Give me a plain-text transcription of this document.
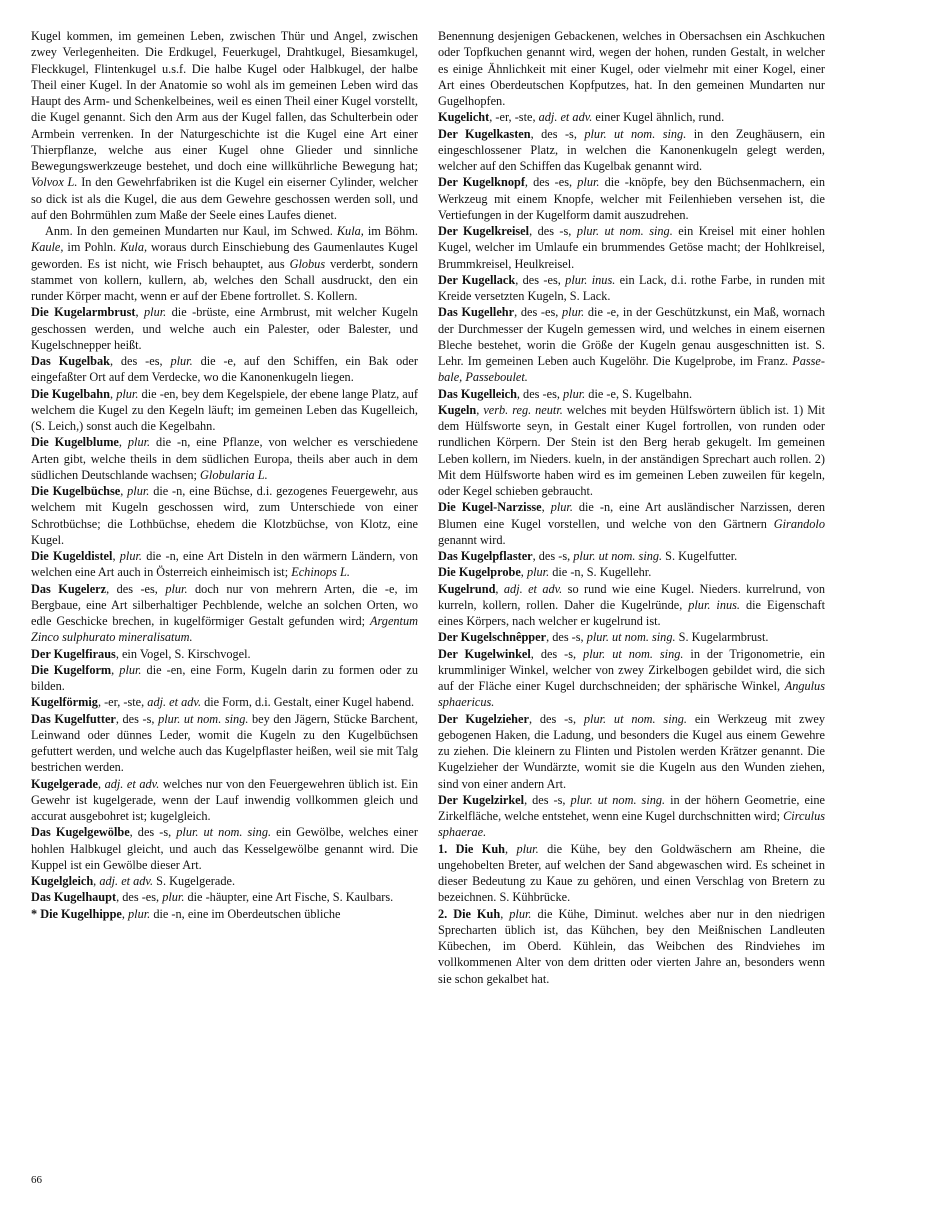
Kugel kommen, im gemeinen Leben, zwischen Thür und Angel, zwischen zwey Verlegenheiten. Die Erdkugel, Feuerkugel, Drahtkugel, Biesamkugel, Fleckkugel, Flintenkugel u.s.f. Die halbe Kugel oder Halbkugel, der halbe Theil einer Kugel. In der Anatomie so wohl als im gemeinen Leben wird das Haupt des Arm- und Schenkelbeines, weil es einen Theil einer Kugel vorstellt, die Kugel genannt. Sich den Arm aus der Kugel fallen, das Schulterbein oder Armbein verrenken. In der Naturgeschichte ist die Kugel eine Art einer Thierpflanze, welche aus einer Kugel ohne Glieder und sinnliche Bewegungswerkzeuge bestehet, und doch eine willkührliche Bewegung hat; Volvox L. In den Gewehrfabriken ist die Kugel ein eiserner Cylinder, welcher so dick ist als die Kugel, die aus dem Gewehre geschossen werden soll, und auf den Bohrmühlen zum Maße der Seele eines Laufes dienet.

Anm. In den gemeinen Mundarten nur Kaul, im Schwed. Kula, im Böhm. Kaule, im Pohln. Kula, woraus durch Einschiebung des Gaumenlautes Kugel geworden. Es ist nicht, wie Frisch behauptet, aus Globus verderbt, sondern stammet von kollern, kullern, ab, welches den Schall ausdruckt, den ein runder Körper macht, wenn er auf der Ebene fortrollet. S. Kollern.

Die Kugelarmbrust, plur. die -brüste, eine Armbrust, mit welcher Kugeln geschossen werden, und welche auch ein Palester, oder Balester, und Kugelschnepper heißt.

Das Kugelbak, des -es, plur. die -e, auf den Schiffen, ein Bak oder eingefaßter Ort auf dem Verdecke, wo die Kanonenkugeln liegen.

Die Kugelbahn, plur. die -en, bey dem Kegelspiele, der ebene lange Platz, auf welchem die Kugel zu den Kegeln läuft; im gemeinen Leben das Kugelleich, (S. Leich,) sonst auch die Kegelbahn.

Die Kugelblume, plur. die -n, eine Pflanze, von welcher es verschiedene Arten gibt, welche theils in dem südlichen Europa, theils aber auch in dem südlichen Deutschlande wachsen; Globularia L.

Die Kugelbüchse, plur. die -n, eine Büchse, d.i. gezogenes Feuergewehr, aus welchem mit Kugeln geschossen wird, zum Unterschiede von einer Schrotbüchse; die Lothbüchse, ehedem die Klotzbüchse, von Klotz, eine Kugel.

Die Kugeldistel, plur. die -n, eine Art Disteln in den wärmern Ländern, von welchen eine Art auch in Österreich einheimisch ist; Echinops L.

Das Kugelerz, des -es, plur. doch nur von mehrern Arten, die -e, im Bergbaue, eine Art silberhaltiger Pechblende, welche an solchen Orten, wo edle Geschicke brechen, in kugelförmiger Gestalt gefunden wird; Argentum Zinco sulphurato mineralisatum.

Der Kugelfiraus, ein Vogel, S. Kirschvogel.

Die Kugelform, plur. die -en, eine Form, Kugeln darin zu formen oder zu bilden.

Kugelförmig, -er, -ste, adj. et adv. die Form, d.i. Gestalt, einer Kugel habend.

Das Kugelfutter, des -s, plur. ut nom. sing. bey den Jägern, Stücke Barchent, Leinwand oder dünnes Leder, womit die Kugeln zu den Kugelbüchsen gefuttert werden, und welche auch das Kugelpflaster heißen, weil sie mit Talg bestrichen werden.

Kugelgerade, adj. et adv. welches nur von den Feuergewehren üblich ist. Ein Gewehr ist kugelgerade, wenn der Lauf inwendig vollkommen gleich und accurat ausgebohret ist; kugelgleich.

Das Kugelgewölbe, des -s, plur. ut nom. sing. ein Gewölbe, welches einer hohlen Halbkugel gleicht, und auch das Kesselgewölbe genannt wird. Die Kuppel ist ein Gewölbe dieser Art.

Kugelgleich, adj. et adv. S. Kugelgerade.

Das Kugelhaupt, des -es, plur. die -häupter, eine Art Fische, S. Kaulbars.

* Die Kugelhippe, plur. die -n, eine im Oberdeutschen übliche

Benennung desjenigen Gebackenen, welches in Obersachsen ein Aschkuchen oder Topfkuchen genannt wird, wegen der hohen, runden Gestalt, in welcher es einige Ähnlichkeit mit einer Kugel, oder vielmehr mit einer Kogel, einer Art eines Oberdeutschen Kopfputzes, hat. In den gemeinen Mundarten nur Gugelhopfen.

Kugelicht, -er, -ste, adj. et adv. einer Kugel ähnlich, rund.

Der Kugelkasten, des -s, plur. ut nom. sing. in den Zeughäusern, ein eingeschlossener Platz, in welchen die Kanonenkugeln gelegt werden, welcher auf den Schiffen das Kugelbak genannt wird.

Der Kugelknopf, des -es, plur. die -knöpfe, bey den Büchsenmachern, ein Werkzeug mit einem Knopfe, welcher mit Feilenhieben versehen ist, die Vertiefungen in der Kugelform damit auszudrehen.

Der Kugelkreisel, des -s, plur. ut nom. sing. ein Kreisel mit einer hohlen Kugel, welcher im Umlaufe ein brummendes Getöse macht; der Hohlkreisel, Brummkreisel, Heulkreisel.

Der Kugellack, des -es, plur. inus. ein Lack, d.i. rothe Farbe, in runden mit Kreide versetzten Kugeln, S. Lack.

Das Kugellehr, des -es, plur. die -e, in der Geschützkunst, ein Maß, wornach der Durchmesser der Kugeln gemessen wird, und welches in einem eisernen Bleche bestehet, worin die Größe der Kugeln genau ausgeschnitten ist. S. Lehr. Im gemeinen Leben auch Kugelöhr. Die Kugelprobe, im Franz. Passe-bale, Passeboulet.

Das Kugelleich, des -es, plur. die -e, S. Kugelbahn.

Kugeln, verb. reg. neutr. welches mit beyden Hülfswörtern üblich ist. 1) Mit dem Hülfsworte seyn, in Gestalt einer Kugel fortrollen, von runden oder rundlichen Körpern. Der Stein ist den Berg herab gekugelt. Im gemeinen Leben kollern, im Nieders. kueln, in der anständigen Sprechart auch rollen. 2) Mit dem Hülfsworte haben wird es im gemeinen Leben zuweilen für kegeln, oder Kegel schieben gebraucht.

Die Kugel-Narzisse, plur. die -n, eine Art ausländischer Narzissen, deren Blumen eine Kugel vorstellen, und welche von den Gärtnern Girandolo genannt wird.

Das Kugelpflaster, des -s, plur. ut nom. sing. S. Kugelfutter.

Die Kugelprobe, plur. die -n, S. Kugellehr.

Kugelrund, adj. et adv. so rund wie eine Kugel. Nieders. kurrelrund, von kurreln, kollern, rollen. Daher die Kugelründe, plur. inus. die Eigenschaft eines Körpers, nach welcher er kugelrund ist.

Der Kugelschnêpper, des -s, plur. ut nom. sing. S. Kugelarmbrust.

Der Kugelwinkel, des -s, plur. ut nom. sing. in der Trigonometrie, ein krummliniger Winkel, welcher von zwey Zirkelbogen gebildet wird, die sich auf der Fläche einer Kugel durchschneiden; der sphärische Winkel, Angulus sphaericus.

Der Kugelzieher, des -s, plur. ut nom. sing. ein Werkzeug mit zwey gebogenen Haken, die Ladung, und besonders die Kugel aus einem Gewehre zu ziehen. Die kleinern zu Flinten und Pistolen werden Krätzer genannt. Die Kugelzieher der Wundärzte, womit sie die Kugeln aus den Wunden ziehen, sind von einer andern Art.

Der Kugelzirkel, des -s, plur. ut nom. sing. in der höhern Geometrie, eine Zirkelfläche, welche entstehet, wenn eine Kugel durchschnitten wird; Circulus sphaerae.

1. Die Kuh, plur. die Kühe, bey den Goldwäschern am Rheine, die ungehobelten Breter, auf welchen der Sand abgewaschen wird. Es scheinet in dieser Bedeutung zu Kaue zu gehören, und einen Verschlag von Bretern zu bezeichnen. S. Kühbrücke.

2. Die Kuh, plur. die Kühe, Diminut. welches aber nur in den niedrigen Sprecharten üblich ist, das Kühchen, bey den Meißnischen Landleuten Kübechen, im Oberd. Kühlein, das Weibchen des Rindviehes im vollkommenen Alter von dem dritten oder vierten Jahre an, besonders wenn sie schon gekalbet hat.

66
